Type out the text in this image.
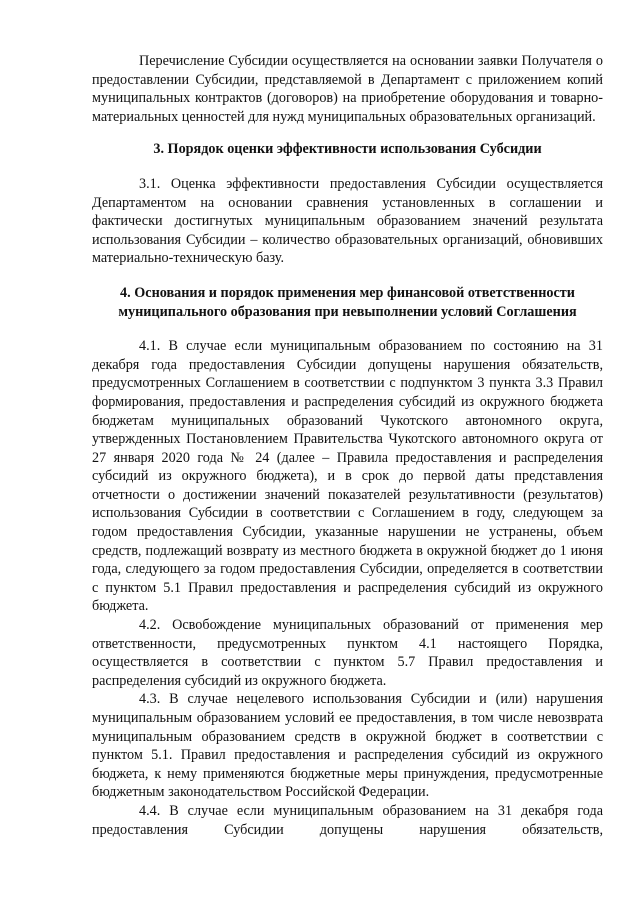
Перечисление Субсидии осуществляется на основании заявки Получателя о предоставлении Субсидии, представляемой в Департамент с приложением копий муниципальных контрактов (договоров) на приобретение оборудования и товарно-материальных ценностей для нужд муниципальных образовательных организаций.

3. Порядок оценки эффективности использования Субсидии

3.1. Оценка эффективности предоставления Субсидии осуществляется Департаментом на основании сравнения установленных в соглашении и фактически достигнутых муниципальным образованием значений результата использования Субсидии – количество образовательных организаций, обновивших материально-техническую базу.

4. Основания и порядок применения мер финансовой ответственности муниципального образования при невыполнении условий Соглашения

4.1. В случае если муниципальным образованием по состоянию на 31 декабря года предоставления Субсидии допущены нарушения обязательств, предусмотренных Соглашением в соответствии с подпунктом 3 пункта 3.3 Правил формирования, предоставления и распределения субсидий из окружного бюджета бюджетам муниципальных образований Чукотского автономного округа, утвержденных Постановлением Правительства Чукотского автономного округа от 27 января 2020 года № 24 (далее – Правила предоставления и распределения субсидий из окружного бюджета), и в срок до первой даты представления отчетности о достижении значений показателей результативности (результатов) использования Субсидии в соответствии с Соглашением в году, следующем за годом предоставления Субсидии, указанные нарушении не устранены, объем средств, подлежащий возврату из местного бюджета в окружной бюджет до 1 июня года, следующего за годом предоставления Субсидии, определяется в соответствии с пунктом 5.1 Правил предоставления и распределения субсидий из окружного бюджета.

4.2. Освобождение муниципальных образований от применения мер ответственности, предусмотренных пунктом 4.1 настоящего Порядка, осуществляется в соответствии с пунктом 5.7 Правил предоставления и распределения субсидий из окружного бюджета.

4.3. В случае нецелевого использования Субсидии и (или) нарушения муниципальным образованием условий ее предоставления, в том числе невозврата муниципальным образованием средств в окружной бюджет в соответствии с пунктом 5.1. Правил предоставления и распределения субсидий из окружного бюджета, к нему применяются бюджетные меры принуждения, предусмотренные бюджетным законодательством Российской Федерации.

4.4. В случае если муниципальным образованием на 31 декабря года предоставления Субсидии допущены нарушения обязательств,
